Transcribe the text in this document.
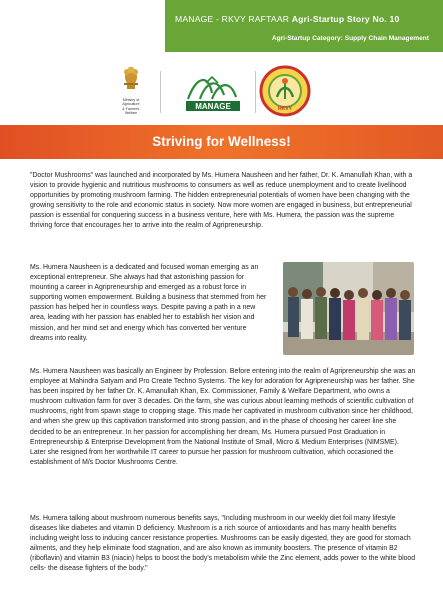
MANAGE - RKVY RAFTAAR Agri-Startup Story No. 10
Agri-Startup Category: Supply Chain Management
Ministry of Agriculture
& Farmers' Welfare
MANAGE	RKVY
Striving for Wellness!

"Doctor Mushrooms" was launched and incorporated by Ms. Humera Nausheen and her father, Dr. K. Amanullah Khan, with a vision to provide hygienic and nutritious mushrooms to consumers as well as reduce unemployment and to create livelihood opportunities by promoting mushroom farming. The hidden entrepreneurial potentials of women have been changing with the growing sensitivity to the role and economic status in society. Now more women are engaged in business, but entrepreneurial passion is essential for conquering success in a business venture, here with Ms. Humera, the passion was the supreme thriving force that encourages her to arrive into the realm of Agripreneurship.

Ms. Humera Nausheen is a dedicated and focused woman emerging as an exceptional entrepreneur. She always had that astonishing passion for mounting a career in Agripreneurship and emerged as a robust force in supporting women empowerment. Building a business that stemmed from her passion has helped her in countless ways. Despite paving a path in a new area, leading with her passion has enabled her to establish her vision and mission, and her mind set and energy which has converted her venture dreams into reality.

Ms. Humera Nausheen was basically an Engineer by Profession. Before entering into the realm of Agripreneurship she was an employee at Mahindra Satyam and Pro Create Techno Systems. The key for adoration for Agripreneurship was her father. She has been inspired by her father Dr. K. Amanullah Khan, Ex. Commissioner, Family & Welfare Department, who owns a mushroom cultivation farm for over 3 decades. On the farm, she was curious about learning methods of scientific cultivation of mushrooms, right from spawn stage to cropping stage. This made her captivated in mushroom cultivation since her childhood, and when she grew up this captivation transformed into strong passion, and in the phase of choosing her career line she decided to be an entrepreneur. In her passion for accomplishing her dream, Ms. Humera pursued Post Graduation in Entrepreneurship & Enterprise Development from the National Institute of Small, Micro & Medium Enterprises (NIMSME). Later she resigned from her worthwhile IT career to pursue her passion for mushroom cultivation, which occasioned the establishment of M/s Doctor Mushrooms Centre.

Ms. Humera talking about mushroom numerous benefits says, "Including mushroom in our weekly diet foil many lifestyle diseases like diabetes and vitamin D deficiency. Mushroom is a rich source of antioxidants and has many health benefits including weight loss to inducing cancer resistance properties. Mushrooms can be easily digested, they are good for stomach ailments, and they help eliminate food stagnation, and are also known as immunity boosters. The presence of vitamin B2 (riboflavin) and vitamin B3 (niacin) helps to boost the body's metabolism while the Zinc element, adds power to the white blood cells- the disease fighters of the body."
